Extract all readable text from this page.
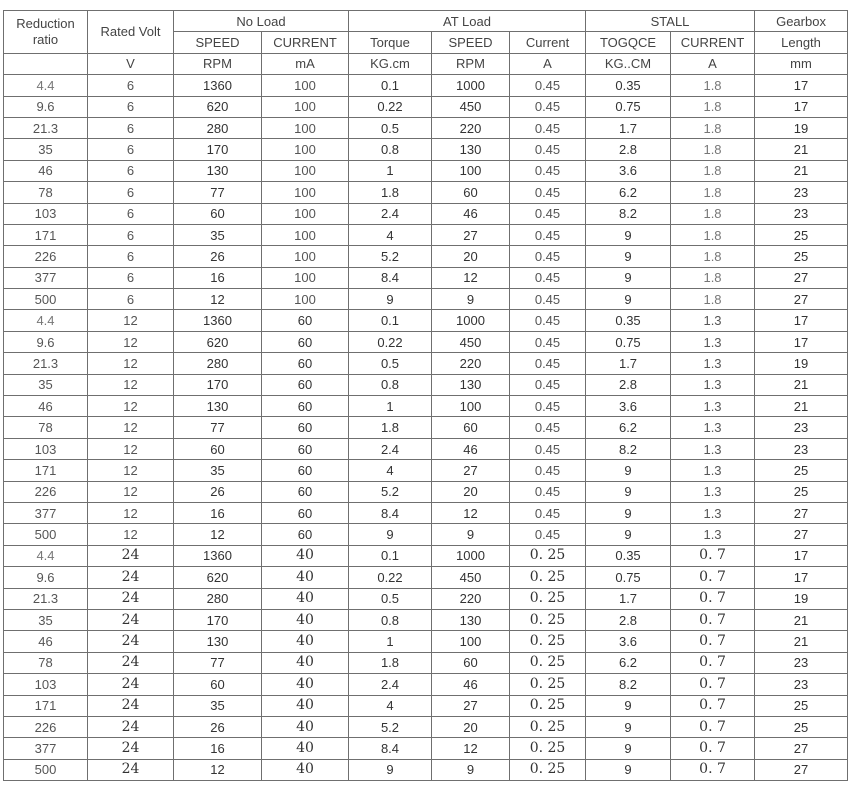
Reduction ratio	Rated Volt	No Load		AT Load			STALL		Gearbox
		SPEED	CURRENT	Torque	SPEED	Current	TOGQCE	CURRENT	Length
	V	RPM	mA	KG.cm	RPM	A	KG..CM	A	mm
4.4	6	1360	100	0.1	1000	0.45	0.35	1.8	17
9.6	6	620	100	0.22	450	0.45	0.75	1.8	17
21.3	6	280	100	0.5	220	0.45	1.7	1.8	19
35	6	170	100	0.8	130	0.45	2.8	1.8	21
46	6	130	100	1	100	0.45	3.6	1.8	21
78	6	77	100	1.8	60	0.45	6.2	1.8	23
103	6	60	100	2.4	46	0.45	8.2	1.8	23
171	6	35	100	4	27	0.45	9	1.8	25
226	6	26	100	5.2	20	0.45	9	1.8	25
377	6	16	100	8.4	12	0.45	9	1.8	27
500	6	12	100	9	9	0.45	9	1.8	27
4.4	12	1360	60	0.1	1000	0.45	0.35	1.3	17
9.6	12	620	60	0.22	450	0.45	0.75	1.3	17
21.3	12	280	60	0.5	220	0.45	1.7	1.3	19
35	12	170	60	0.8	130	0.45	2.8	1.3	21
46	12	130	60	1	100	0.45	3.6	1.3	21
78	12	77	60	1.8	60	0.45	6.2	1.3	23
103	12	60	60	2.4	46	0.45	8.2	1.3	23
171	12	35	60	4	27	0.45	9	1.3	25
226	12	26	60	5.2	20	0.45	9	1.3	25
377	12	16	60	8.4	12	0.45	9	1.3	27
500	12	12	60	9	9	0.45	9	1.3	27
4.4	24	1360	40	0.1	1000	0. 25	0.35	0. 7	17
9.6	24	620	40	0.22	450	0. 25	0.75	0. 7	17
21.3	24	280	40	0.5	220	0. 25	1.7	0. 7	19
35	24	170	40	0.8	130	0. 25	2.8	0. 7	21
46	24	130	40	1	100	0. 25	3.6	0. 7	21
78	24	77	40	1.8	60	0. 25	6.2	0. 7	23
103	24	60	40	2.4	46	0. 25	8.2	0. 7	23
171	24	35	40	4	27	0. 25	9	0. 7	25
226	24	26	40	5.2	20	0. 25	9	0. 7	25
377	24	16	40	8.4	12	0. 25	9	0. 7	27
500	24	12	40	9	9	0. 25	9	0. 7	27
